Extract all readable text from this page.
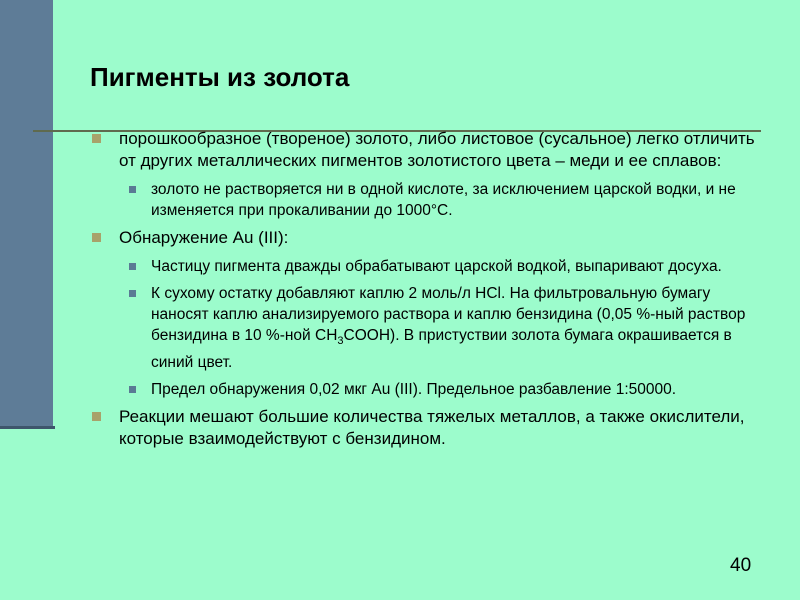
Пигменты из золота
порошкообразное (твореное) золото, либо листовое (сусальное) легко отличить от других металлических пигментов золотистого цвета – меди и ее сплавов:
золото не растворяется ни в одной кислоте, за исключением царской водки, и не изменяется при прокаливании до 1000°С.
Обнаружение Au (III):
Частицу пигмента дважды обрабатывают царской водкой, выпаривают досуха.
К сухому остатку добавляют каплю 2 моль/л HCl. На фильтровальную бумагу наносят каплю анализируемого раствора и каплю бензидина (0,05 %-ный раствор бензидина в 10 %-ной $CH_3COOH$). В пристуствии золота бумага окрашивается в синий цвет.
Предел обнаружения 0,02 мкг Au (III). Предельное разбавление 1:50000.
Реакции мешают большие количества тяжелых металлов, а также окислители, которые взаимодействуют с бензидином.
40
